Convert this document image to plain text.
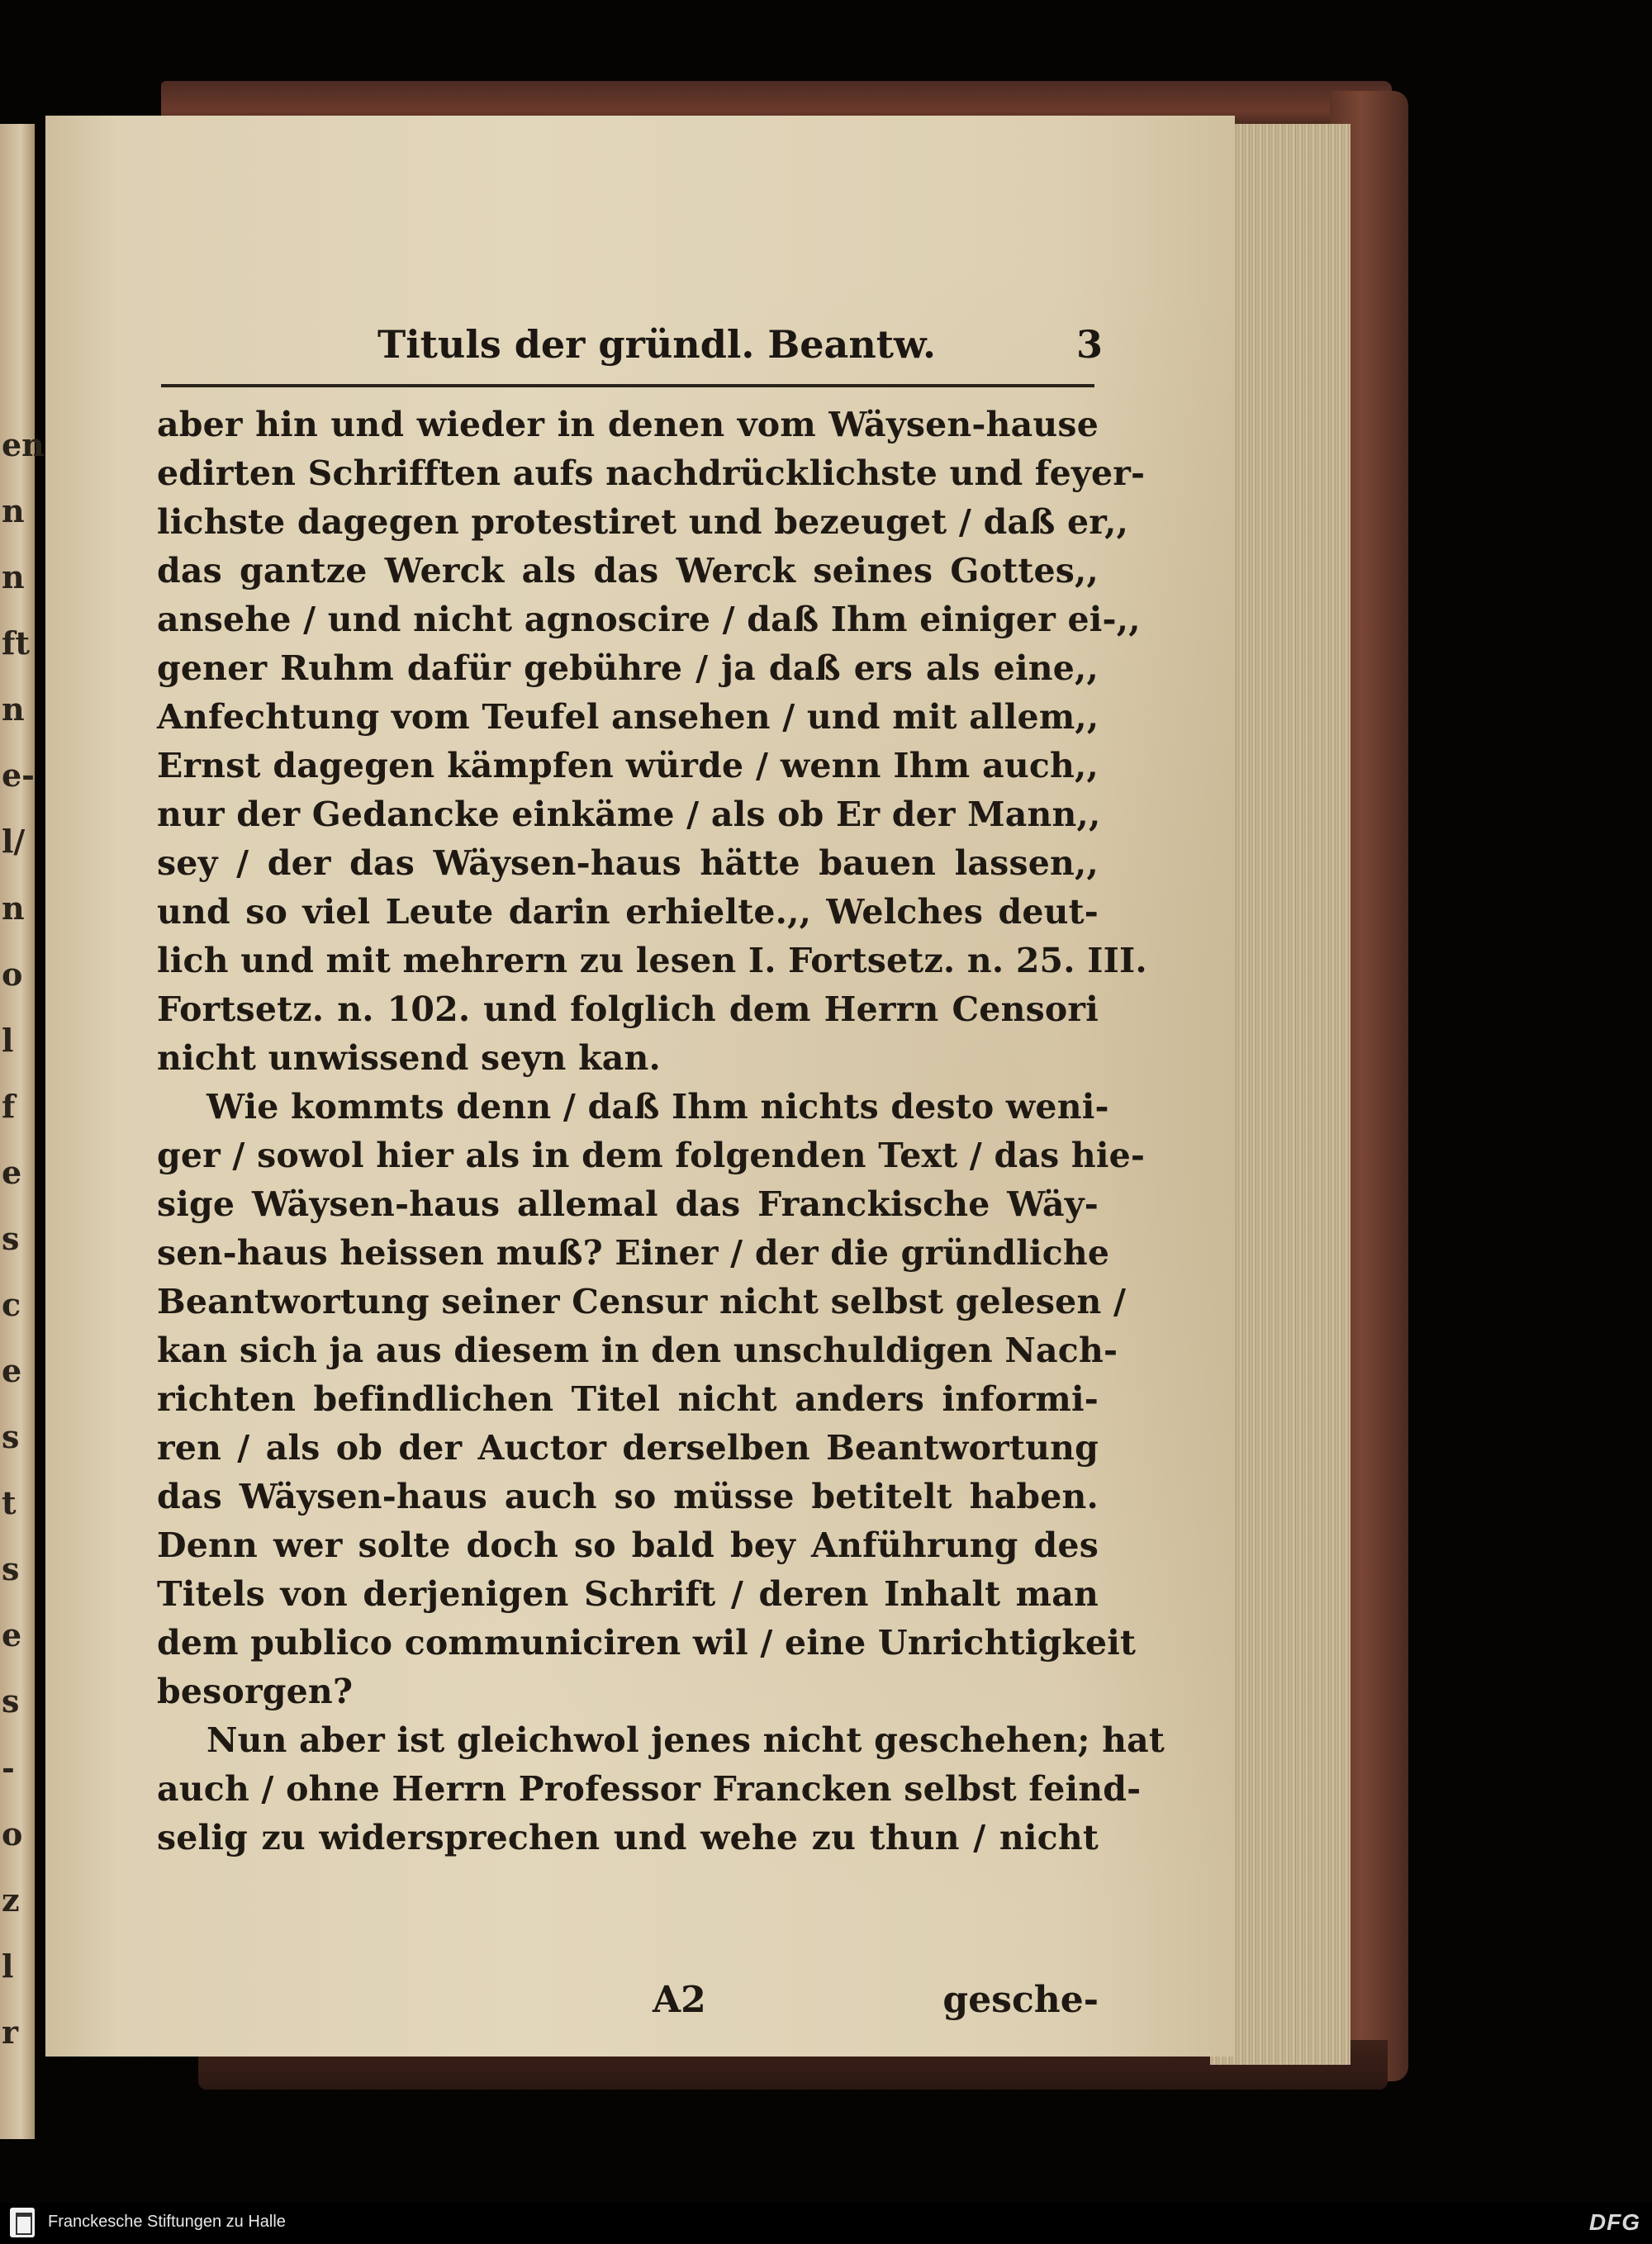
en
n
n
ft
n
e-
l/
n
o
l
f
e
s
c
e
s
t
s
e
s
-
o
z
l
r
Tituls der gründl. Beantw.	3
aber hin und wieder in denen vom Wäysen-hause
edirten Schrifften aufs nachdrücklichste und feyer-
lichste dagegen protestiret und bezeuget / daß er,,
das gantze Werck als das Werck seines Gottes,,
ansehe / und nicht agnoscire / daß Ihm einiger ei-,,
gener Ruhm dafür gebühre / ja daß ers als eine,,
Anfechtung vom Teufel ansehen / und mit allem,,
Ernst dagegen kämpfen würde / wenn Ihm auch,,
nur der Gedancke einkäme / als ob Er der Mann,,
sey / der das Wäysen-haus hätte bauen lassen,,
und so viel Leute darin erhielte.,, Welches deut-
lich und mit mehrern zu lesen I. Fortsetz. n. 25. III.
Fortsetz. n. 102. und folglich dem Herrn Censori
nicht unwissend seyn kan.
Wie kommts denn / daß Ihm nichts desto weni-
ger / sowol hier als in dem folgenden Text / das hie-
sige Wäysen-haus allemal das Franckische Wäy-
sen-haus heissen muß? Einer / der die gründliche
Beantwortung seiner Censur nicht selbst gelesen /
kan sich ja aus diesem in den unschuldigen Nach-
richten befindlichen Titel nicht anders informi-
ren / als ob der Auctor derselben Beantwortung
das Wäysen-haus auch so müsse betitelt haben.
Denn wer solte doch so bald bey Anführung des
Titels von derjenigen Schrift / deren Inhalt man
dem publico communiciren wil / eine Unrichtigkeit
besorgen?
Nun aber ist gleichwol jenes nicht geschehen; hat
auch / ohne Herrn Professor Francken selbst feind-
selig zu widersprechen und wehe zu thun / nicht
A2	gesche-
Franckesche Stiftungen zu Halle	DFG
